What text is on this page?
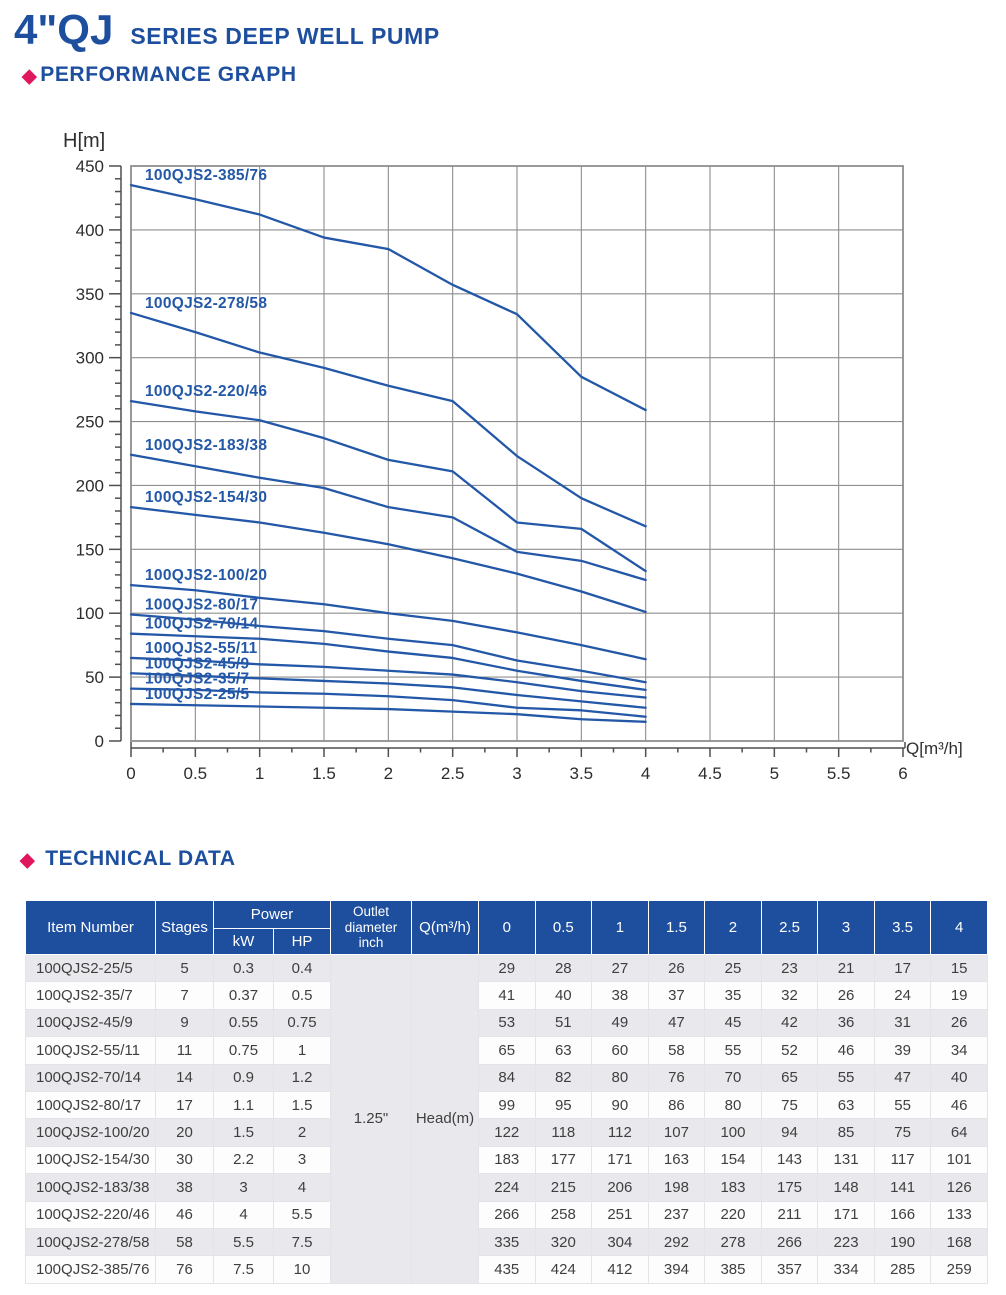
4"QJ SERIES DEEP WELL PUMP
◆ PERFORMANCE GRAPH
H[m]
0
50
100
150
200
250
300
350
400
450
0	0.5	1	1.5	2	2.5	3	3.5	4	4.5	5	5.5	6
100QJS2-385/76
100QJS2-278/58
100QJS2-220/46
100QJS2-183/38
100QJS2-154/30
100QJS2-100/20
100QJS2-80/17
100QJS2-70/14
100QJS2-55/11
100QJS2-45/9
100QJS2-35/7
100QJS2-25/5
Q[m³/h]
◆ TECHNICAL DATA
Item Number	Stages	Power		Outlet diameter inch	Q(m³/h)	0	0.5	1	1.5	2	2.5	3	3.5	4
		kW	HP											
100QJS2-25/5	5	0.3	0.4	1.25"	Head(m)	29	28	27	26	25	23	21	17	15
100QJS2-35/7	7	0.37	0.5			41	40	38	37	35	32	26	24	19
100QJS2-45/9	9	0.55	0.75			53	51	49	47	45	42	36	31	26
100QJS2-55/11	11	0.75	1			65	63	60	58	55	52	46	39	34
100QJS2-70/14	14	0.9	1.2			84	82	80	76	70	65	55	47	40
100QJS2-80/17	17	1.1	1.5			99	95	90	86	80	75	63	55	46
100QJS2-100/20	20	1.5	2			122	118	112	107	100	94	85	75	64
100QJS2-154/30	30	2.2	3			183	177	171	163	154	143	131	117	101
100QJS2-183/38	38	3	4			224	215	206	198	183	175	148	141	126
100QJS2-220/46	46	4	5.5			266	258	251	237	220	211	171	166	133
100QJS2-278/58	58	5.5	7.5			335	320	304	292	278	266	223	190	168
100QJS2-385/76	76	7.5	10			435	424	412	394	385	357	334	285	259
